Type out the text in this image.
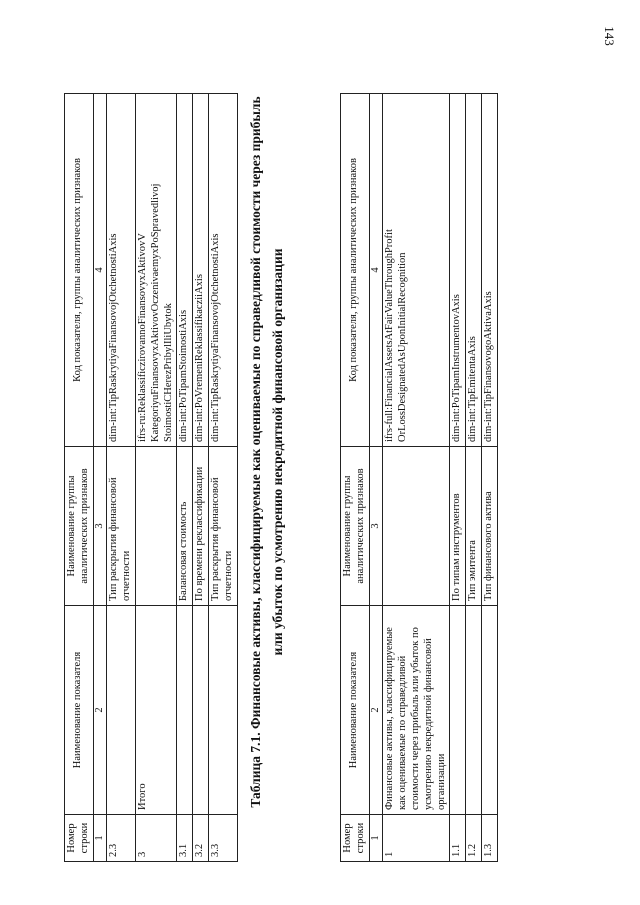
143
Номер строки	Наименование показателя	Наименование группы аналитических признаков	Код показателя, группы аналитических признаков
1	2	3	4
2.3		Тип раскрытия финансовой отчетности	dim-int:TipRaskrytiyaFinansovojOtchetnostiAxis
3	Итого		ifrs-ru:ReklassificzirovannoFinansovyxAktivovV KategoriyuFinansovyxAktivovOczenivaemyxPoSpravedlivoj StoimostiCHerezPribylIliUbytok
3.1		Балансовая стоимость	dim-int:PoTipamStoimostiAxis
3.2		По времени реклассификации	dim-int:PoVremeniReklassifikacziiAxis
3.3		Тип раскрытия финансовой отчетности	dim-int:TipRaskrytiyaFinansovojOtchetnostiAxis Таблица 7.1. Финансовые активы, классифицируемые как оцениваемые по справедливой стоимости через прибыль или убыток по усмотрению некредитной финансовой организации
Номер строки	Наименование показателя	Наименование группы аналитических признаков	Код показателя, группы аналитических признаков
1	2	3	4
1	Финансовые активы, классифицируемые как оцениваемые по справедливой стоимости через прибыль или убыток по усмотрению некредитной финансовой организации		ifrs-full:FinancialAssetsAtFairValueThroughProfit OrLossDesignatedAsUponInitialRecognition
1.1		По типам инструментов	dim-int:PoTipamInstrumentovAxis
1.2		Тип эмитента	dim-int:TipEmitentaAxis
1.3		Тип финансового актива	dim-int:TipFinansovogoAktivaAxis
